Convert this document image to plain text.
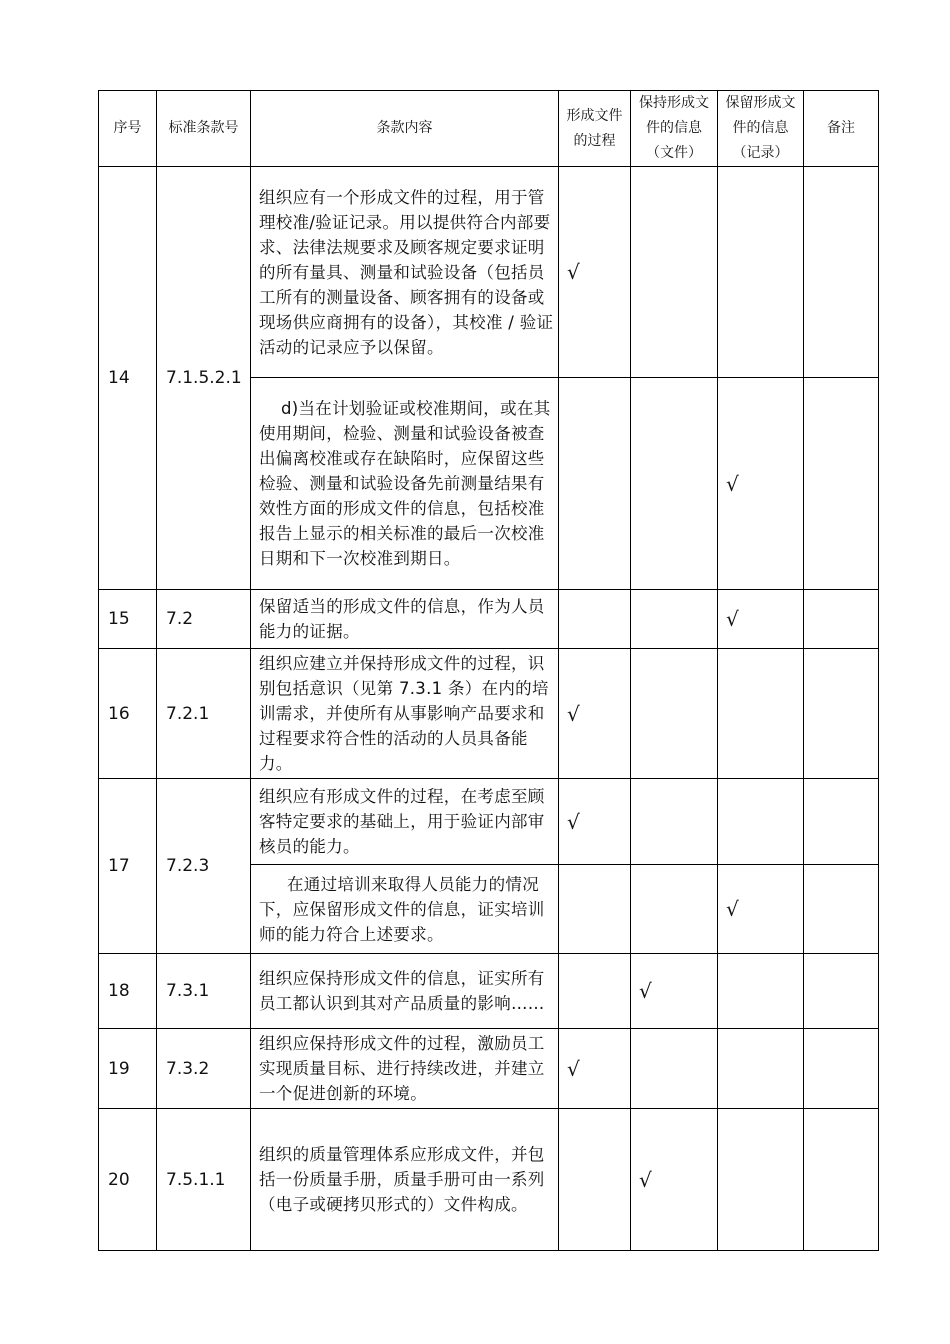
序号	标准条款号	条款内容	形成文件的过程	保持形成文件的信息（文件）	保留形成文件的信息（记录）	备注
14	7.1.5.2.1	组织应有一个形成文件的过程，用于管理校准/验证记录。用以提供符合内部要求、法律法规要求及顾客规定要求证明的所有量具、测量和试验设备（包括员工所有的测量设备、顾客拥有的设备或现场供应商拥有的设备），其校准 / 验证活动的记录应予以保留。	√			
		d)当在计划验证或校准期间，或在其使用期间，检验、测量和试验设备被查出偏离校准或存在缺陷时，应保留这些检验、测量和试验设备先前测量结果有效性方面的形成文件的信息，包括校准报告上显示的相关标准的最后一次校准日期和下一次校准到期日。			√	
15	7.2	保留适当的形成文件的信息，作为人员能力的证据。			√	
16	7.2.1	组织应建立并保持形成文件的过程，识别包括意识（见第 7.3.1 条）在内的培训需求，并使所有从事影响产品要求和过程要求符合性的活动的人员具备能力。	√			
17	7.2.3	组织应有形成文件的过程，在考虑至顾客特定要求的基础上，用于验证内部审核员的能力。	√			
		在通过培训来取得人员能力的情况下，应保留形成文件的信息，证实培训师的能力符合上述要求。			√	
18	7.3.1	组织应保持形成文件的信息，证实所有员工都认识到其对产品质量的影响……		√		
19	7.3.2	组织应保持形成文件的过程，激励员工实现质量目标、进行持续改进，并建立一个促进创新的环境。	√			
20	7.5.1.1	组织的质量管理体系应形成文件，并包括一份质量手册，质量手册可由一系列（电子或硬拷贝形式的）文件构成。		√		
